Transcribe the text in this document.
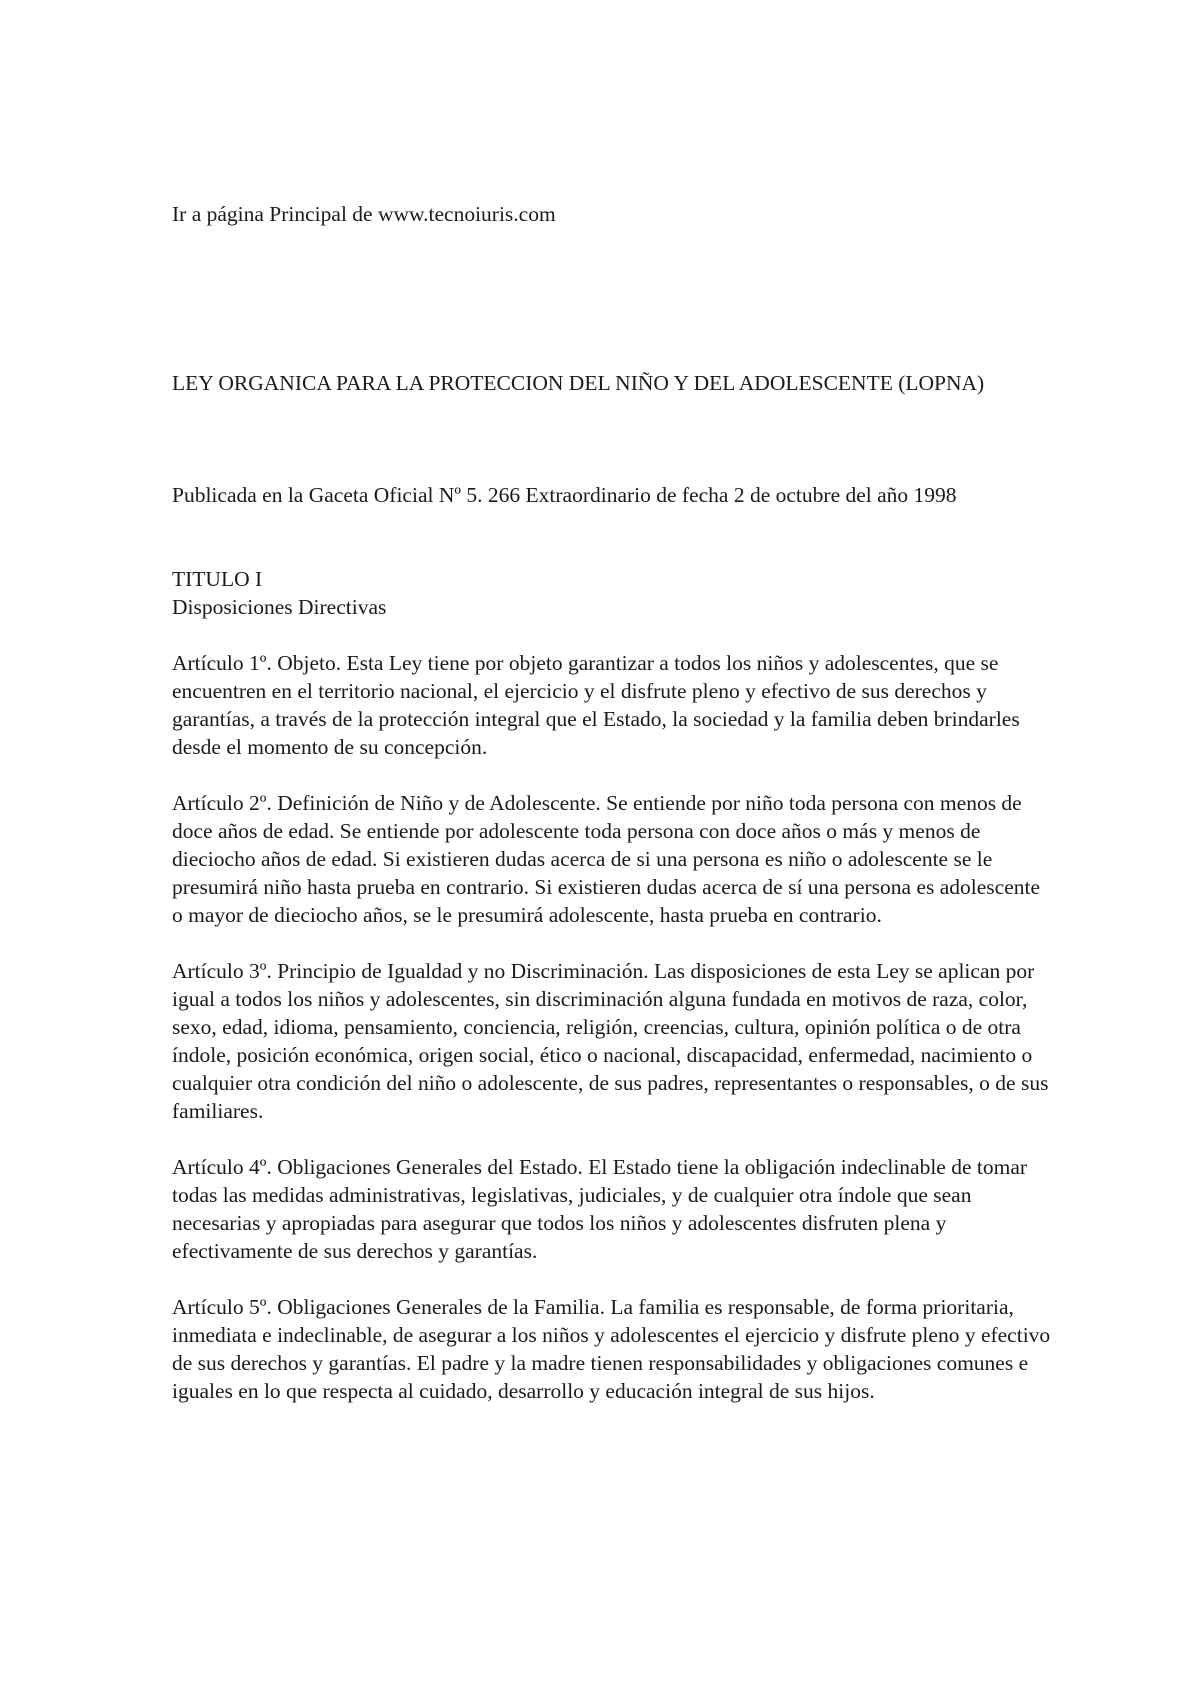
Ir a página Principal de www.tecnoiuris.com

LEY ORGANICA PARA LA PROTECCION DEL NIÑO Y DEL ADOLESCENTE (LOPNA)

Publicada en la Gaceta Oficial Nº 5. 266 Extraordinario de fecha 2 de octubre del año 1998

TITULO I
Disposiciones Directivas

Artículo 1º. Objeto. Esta Ley tiene por objeto garantizar a todos los niños y adolescentes, que se encuentren en el territorio nacional, el ejercicio y el disfrute pleno y efectivo de sus derechos y garantías, a través de la protección integral que el Estado, la sociedad y la familia deben brindarles desde el momento de su concepción.

Artículo 2º. Definición de Niño y de Adolescente. Se entiende por niño toda persona con menos de doce años de edad. Se entiende por adolescente toda persona con doce años o más y menos de dieciocho años de edad. Si existieren dudas acerca de si una persona es niño o adolescente se le presumirá niño hasta prueba en contrario. Si existieren dudas acerca de sí una persona es adolescente o mayor de dieciocho años, se le presumirá adolescente, hasta prueba en contrario.

Artículo 3º. Principio de Igualdad y no Discriminación. Las disposiciones de esta Ley se aplican por igual a todos los niños y adolescentes, sin discriminación alguna fundada en motivos de raza, color, sexo, edad, idioma, pensamiento, conciencia, religión, creencias, cultura, opinión política o de otra índole, posición económica, origen social, ético o nacional, discapacidad, enfermedad, nacimiento o cualquier otra condición del niño o adolescente, de sus padres, representantes o responsables, o de sus familiares.

Artículo 4º. Obligaciones Generales del Estado. El Estado tiene la obligación indeclinable de tomar todas las medidas administrativas, legislativas, judiciales, y de cualquier otra índole que sean necesarias y apropiadas para asegurar que todos los niños y adolescentes disfruten plena y efectivamente de sus derechos y garantías.

Artículo 5º. Obligaciones Generales de la Familia. La familia es responsable, de forma prioritaria, inmediata e indeclinable, de asegurar a los niños y adolescentes el ejercicio y disfrute pleno y efectivo de sus derechos y garantías. El padre y la madre tienen responsabilidades y obligaciones comunes e iguales en lo que respecta al cuidado, desarrollo y educación integral de sus hijos.
